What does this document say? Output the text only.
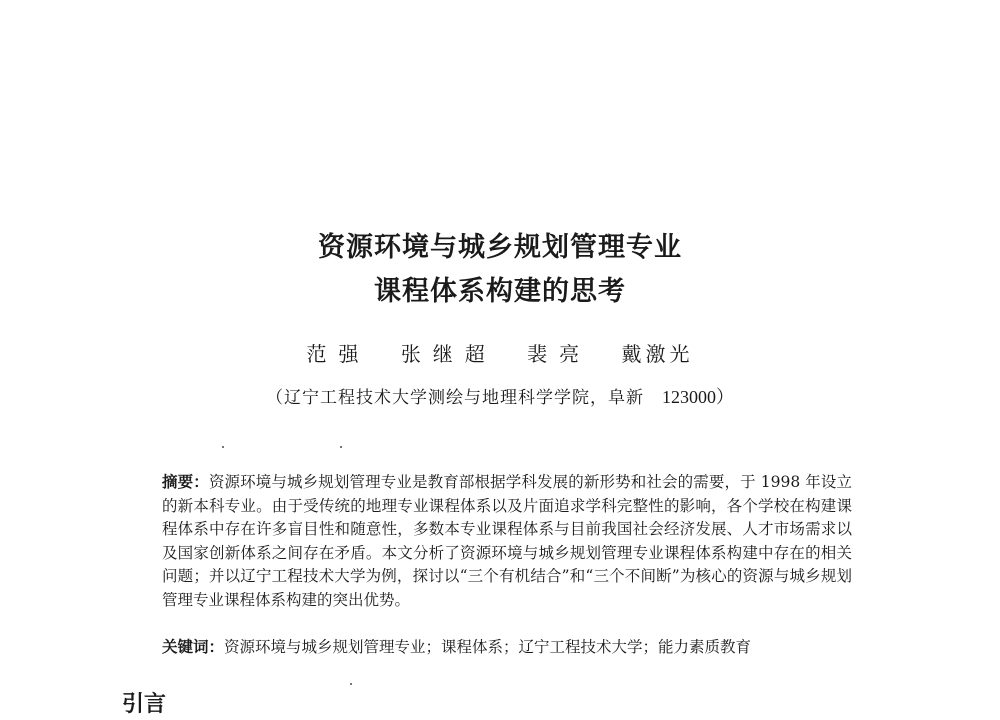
资源环境与城乡规划管理专业
课程体系构建的思考
范强 张继超 裴亮 戴激光
（辽宁工程技术大学测绘与地理科学学院，阜新 123000）
摘要：资源环境与城乡规划管理专业是教育部根据学科发展的新形势和社会的需要，于 1998 年设立的新本科专业。由于受传统的地理专业课程体系以及片面追求学科完整性的影响，各个学校在构建课程体系中存在许多盲目性和随意性，多数本专业课程体系与目前我国社会经济发展、人才市场需求以及国家创新体系之间存在矛盾。本文分析了资源环境与城乡规划管理专业课程体系构建中存在的相关问题；并以辽宁工程技术大学为例，探讨以“三个有机结合”和“三个不间断”为核心的资源与城乡规划管理专业课程体系构建的突出优势。
关键词：资源环境与城乡规划管理专业；课程体系；辽宁工程技术大学；能力素质教育
引言
